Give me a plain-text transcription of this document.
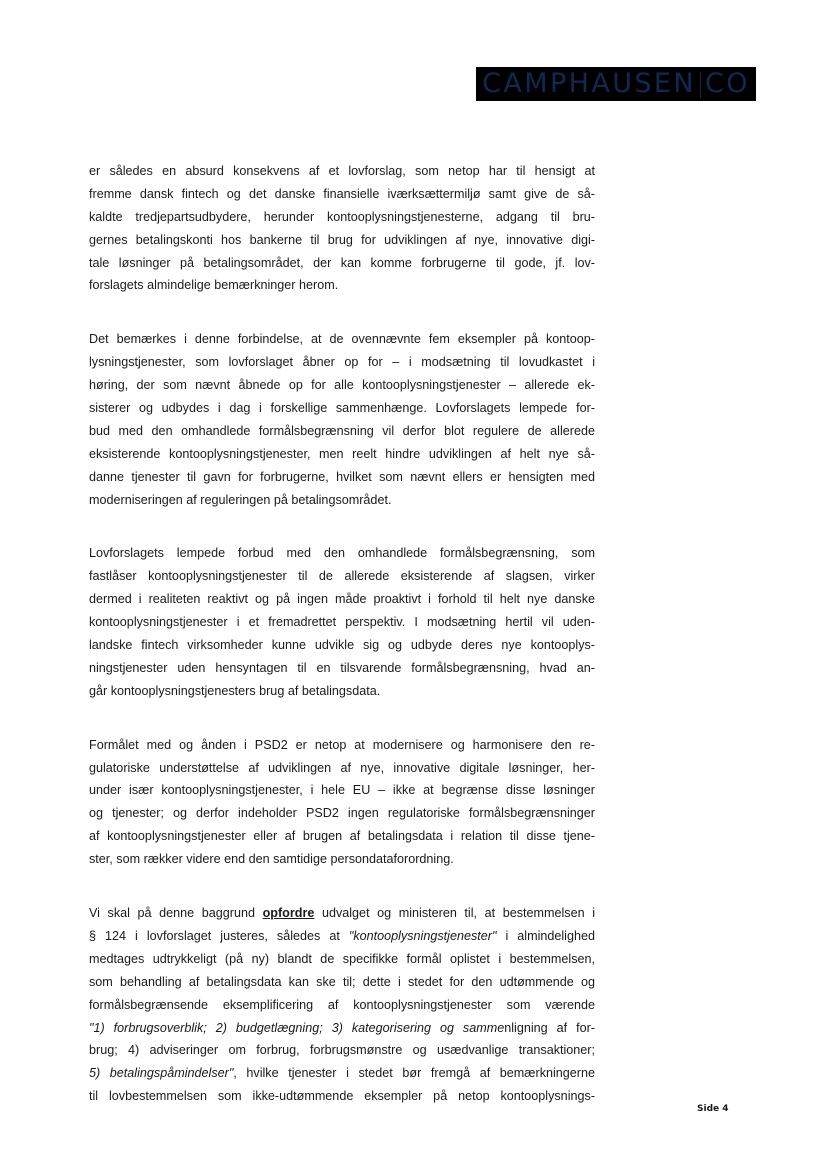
CAMPHAUSEN CO
er således en absurd konsekvens af et lovforslag, som netop har til hensigt at
fremme dansk fintech og det danske finansielle iværksættermiljø samt give de så-
kaldte tredjepartsudbydere, herunder kontooplysningstjenesterne, adgang til bru-
gernes betalingskonti hos bankerne til brug for udviklingen af nye, innovative digi-
tale løsninger på betalingsområdet, der kan komme forbrugerne til gode, jf. lov-
forslagets almindelige bemærkninger herom.
Det bemærkes i denne forbindelse, at de ovennævnte fem eksempler på kontoop-
lysningstjenester, som lovforslaget åbner op for – i modsætning til lovudkastet i
høring, der som nævnt åbnede op for alle kontooplysningstjenester – allerede ek-
sisterer og udbydes i dag i forskellige sammenhænge. Lovforslagets lempede for-
bud med den omhandlede formålsbegrænsning vil derfor blot regulere de allerede
eksisterende kontooplysningstjenester, men reelt hindre udviklingen af helt nye så-
danne tjenester til gavn for forbrugerne, hvilket som nævnt ellers er hensigten med
moderniseringen af reguleringen på betalingsområdet.
Lovforslagets lempede forbud med den omhandlede formålsbegrænsning, som
fastlåser kontooplysningstjenester til de allerede eksisterende af slagsen, virker
dermed i realiteten reaktivt og på ingen måde proaktivt i forhold til helt nye danske
kontooplysningstjenester i et fremadrettet perspektiv. I modsætning hertil vil uden-
landske fintech virksomheder kunne udvikle sig og udbyde deres nye kontooplys-
ningstjenester uden hensyntagen til en tilsvarende formålsbegrænsning, hvad an-
går kontooplysningstjenesters brug af betalingsdata.
Formålet med og ånden i PSD2 er netop at modernisere og harmonisere den re-
gulatoriske understøttelse af udviklingen af nye, innovative digitale løsninger, her-
under især kontooplysningstjenester, i hele EU – ikke at begrænse disse løsninger
og tjenester; og derfor indeholder PSD2 ingen regulatoriske formålsbegrænsninger
af kontooplysningstjenester eller af brugen af betalingsdata i relation til disse tjene-
ster, som rækker videre end den samtidige persondataforordning.
Vi skal på denne baggrund opfordre udvalget og ministeren til, at bestemmelsen i
§ 124 i lovforslaget justeres, således at "kontooplysningstjenester" i almindelighed
medtages udtrykkeligt (på ny) blandt de specifikke formål oplistet i bestemmelsen,
som behandling af betalingsdata kan ske til; dette i stedet for den udtømmende og
formålsbegrænsende eksemplificering af kontooplysningstjenester som værende
"1) forbrugsoverblik; 2) budgetlægning; 3) kategorisering og sammenligning af for-
brug; 4) adviseringer om forbrug, forbrugsmønstre og usædvanlige transaktioner;
5) betalingspåmindelser", hvilke tjenester i stedet bør fremgå af bemærkningerne
til lovbestemmelsen som ikke-udtømmende eksempler på netop kontooplysnings-
Side 4
